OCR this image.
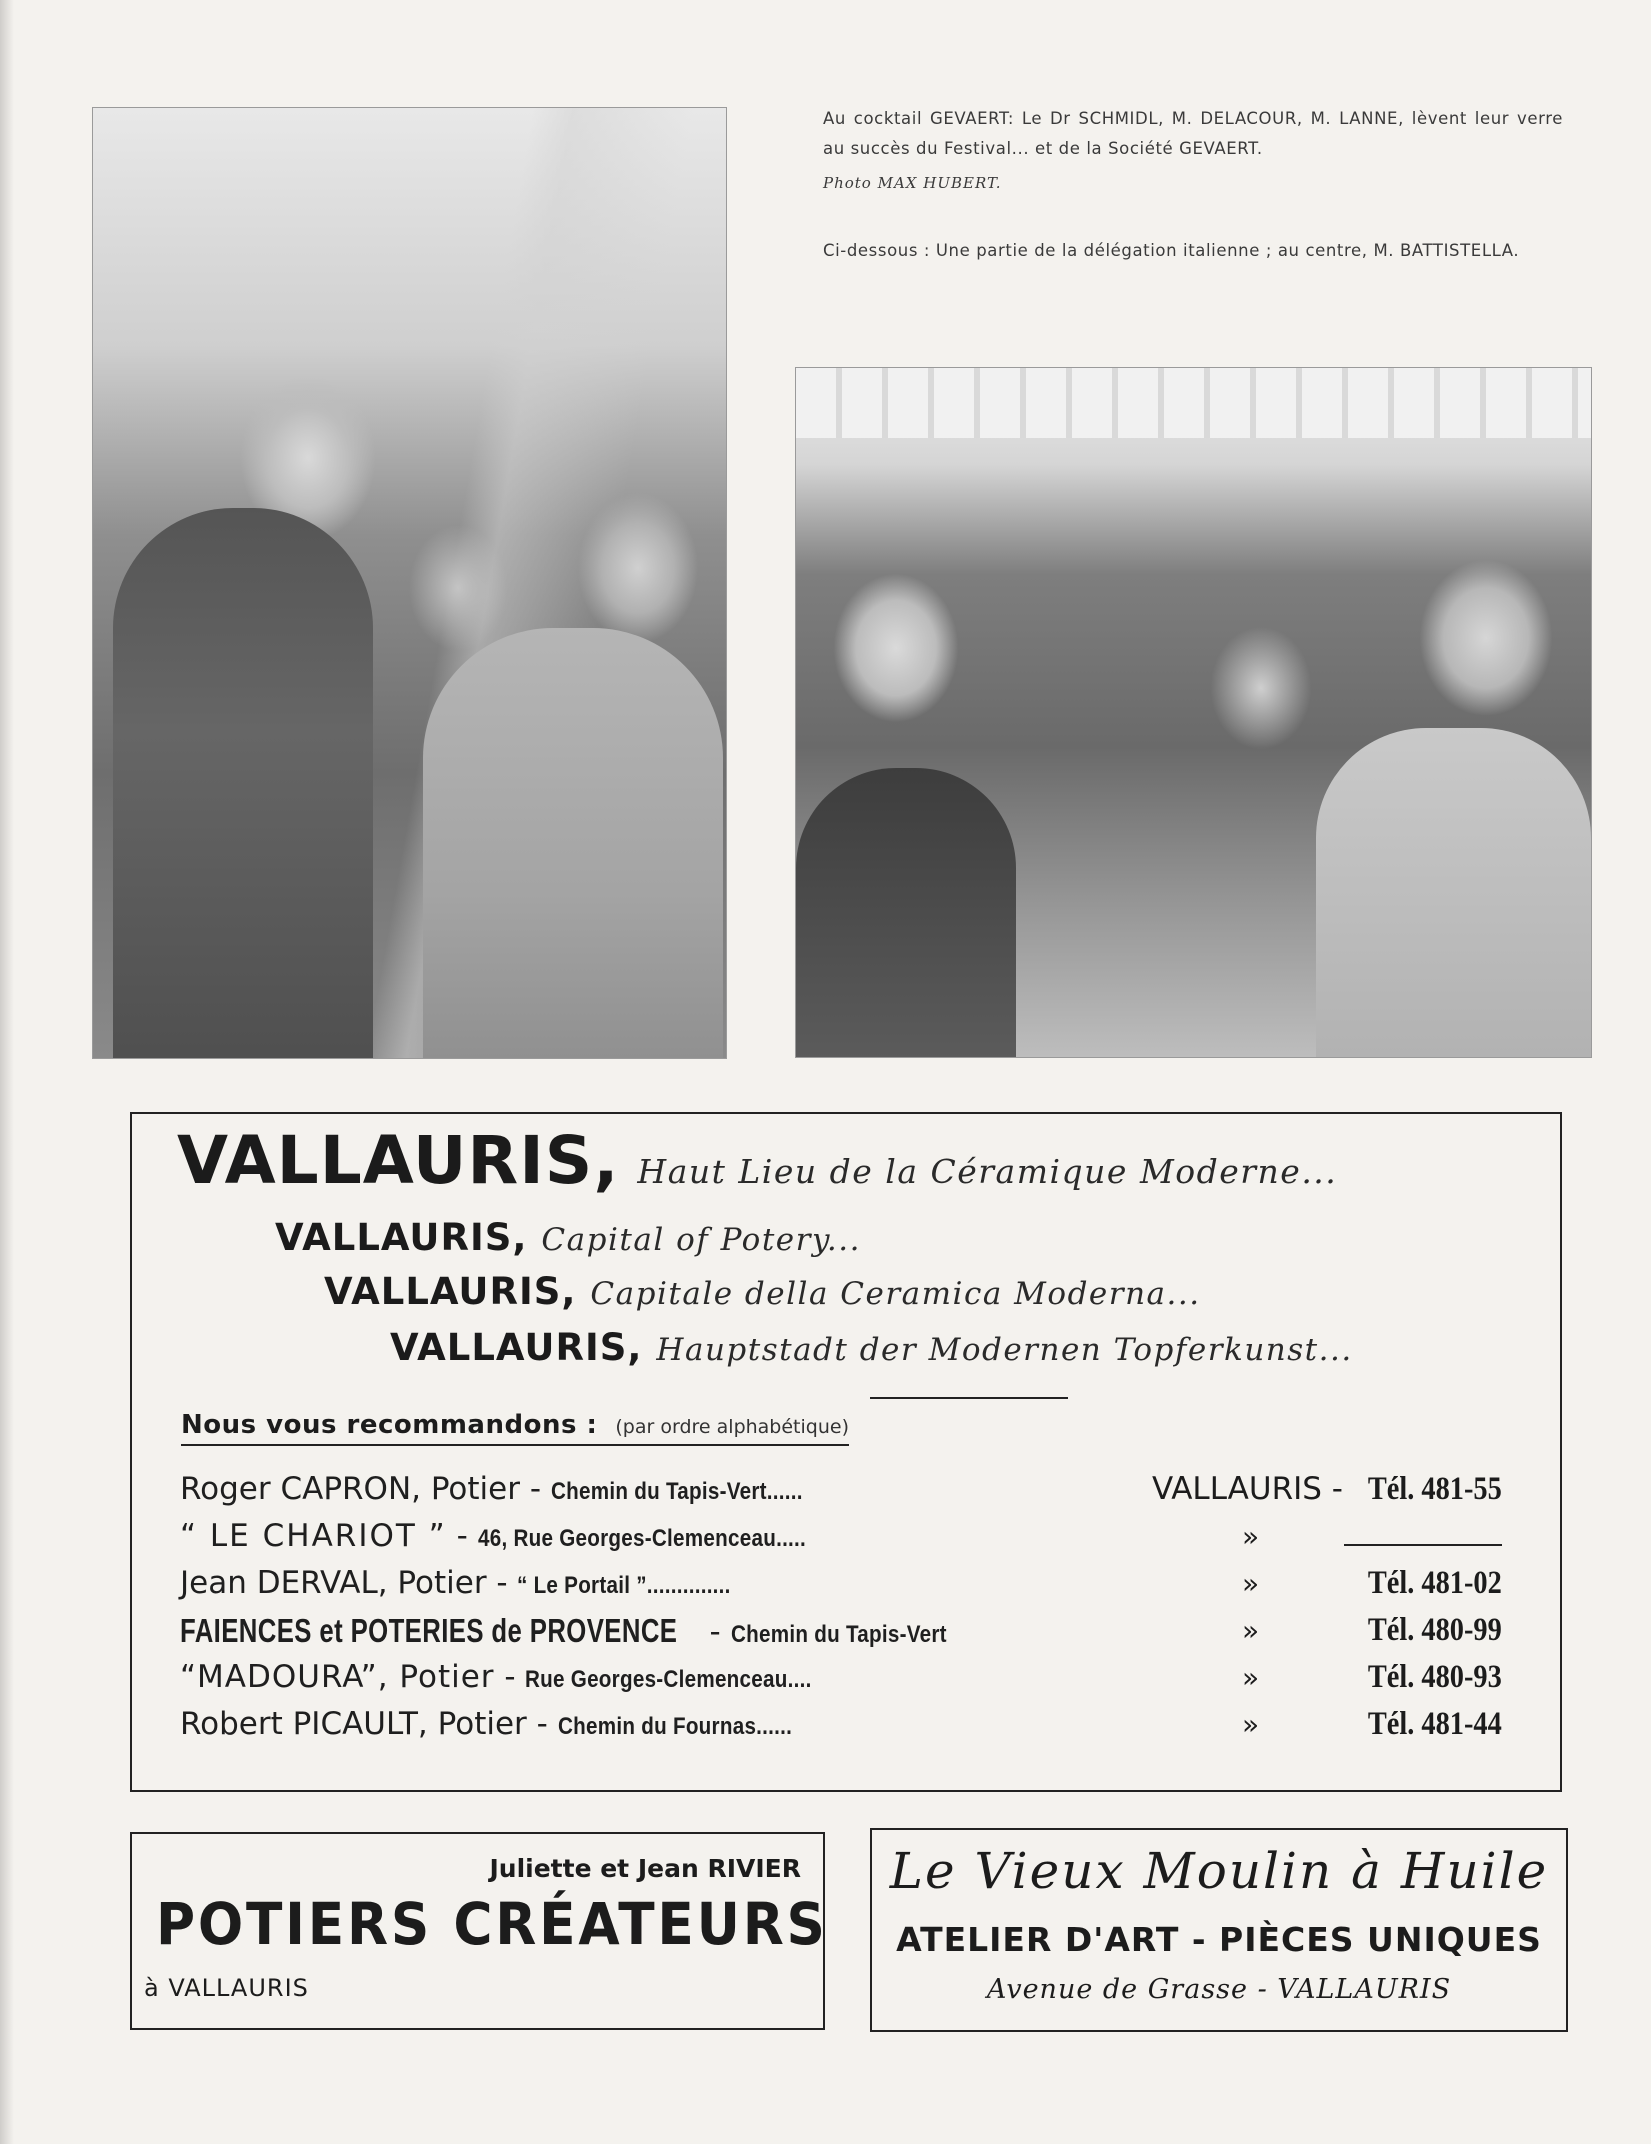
Au cocktail GEVAERT: Le Dr SCHMIDL, M. DELACOUR, M. LANNE, lèvent leur verre au succès du Festival... et de la Société GEVAERT.
Photo MAX HUBERT.
Ci-dessous : Une partie de la délégation italienne ; au centre, M. BATTISTELLA.
VALLAURIS, Haut Lieu de la Céramique Moderne...
VALLAURIS, Capital of Potery...
VALLAURIS, Capitale della Ceramica Moderna...
VALLAURIS, Hauptstadt der Modernen Topferkunst...
Nous vous recommandons : (par ordre alphabétique)
Roger CAPRON, Potier - Chemin du Tapis-Vert......	VALLAURIS - Tél. 481-55
“ LE CHARIOT ” - 46, Rue Georges-Clemenceau.....	»
Jean DERVAL, Potier - “ Le Portail ”..............	»	Tél. 481-02
FAIENCES et POTERIES de PROVENCE - Chemin du Tapis-Vert	»	Tél. 480-99
“MADOURA”, Potier - Rue Georges-Clemenceau....	»	Tél. 480-93
Robert PICAULT, Potier - Chemin du Fournas......	»	Tél. 481-44
Juliette et Jean RIVIER
POTIERS CRÉATEURS
à VALLAURIS
Le Vieux Moulin à Huile
ATELIER D'ART - PIÈCES UNIQUES
Avenue de Grasse - VALLAURIS
